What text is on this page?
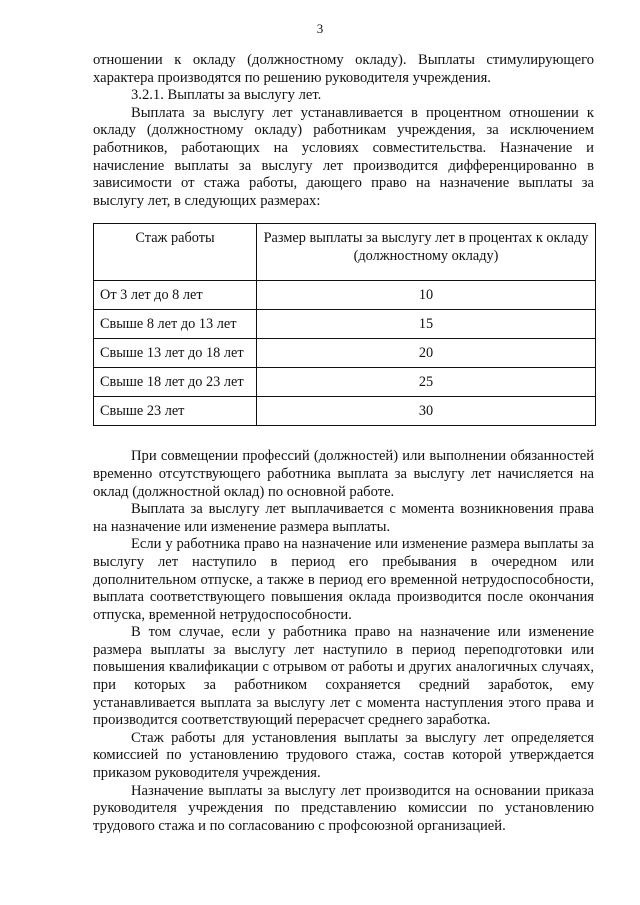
3

отношении к окладу (должностному окладу). Выплаты стимулирующего характера производятся по решению руководителя учреждения.

3.2.1. Выплаты за выслугу лет.

Выплата за выслугу лет устанавливается в процентном отношении к окладу (должностному окладу) работникам учреждения, за исключением работников, работающих на условиях совместительства. Назначение и начисление выплаты за выслугу лет производится дифференцированно в зависимости от стажа работы, дающего право на назначение выплаты за выслугу лет, в следующих размерах:

Стаж работы	Размер выплаты за выслугу лет в процентах к окладу (должностному окладу)
От 3 лет до 8 лет	10
Свыше 8 лет до 13 лет	15
Свыше 13 лет до 18 лет	20
Свыше 18 лет до 23 лет	25
Свыше 23 лет	30

При совмещении профессий (должностей) или выполнении обязанностей временно отсутствующего работника выплата за выслугу лет начисляется на оклад (должностной оклад) по основной работе.

Выплата за выслугу лет выплачивается с момента возникновения права на назначение или изменение размера выплаты.

Если у работника право на назначение или изменение размера выплаты за выслугу лет наступило в период его пребывания в очередном или дополнительном отпуске, а также в период его временной нетрудоспособности, выплата соответствующего повышения оклада производится после окончания отпуска, временной нетрудоспособности.

В том случае, если у работника право на назначение или изменение размера выплаты за выслугу лет наступило в период переподготовки или повышения квалификации с отрывом от работы и других аналогичных случаях, при которых за работником сохраняется средний заработок, ему устанавливается выплата за выслугу лет с момента наступления этого права и производится соответствующий перерасчет среднего заработка.

Стаж работы для установления выплаты за выслугу лет определяется комиссией по установлению трудового стажа, состав которой утверждается приказом руководителя учреждения.

Назначение выплаты за выслугу лет производится на основании приказа руководителя учреждения по представлению комиссии по установлению трудового стажа и по согласованию с профсоюзной организацией.
